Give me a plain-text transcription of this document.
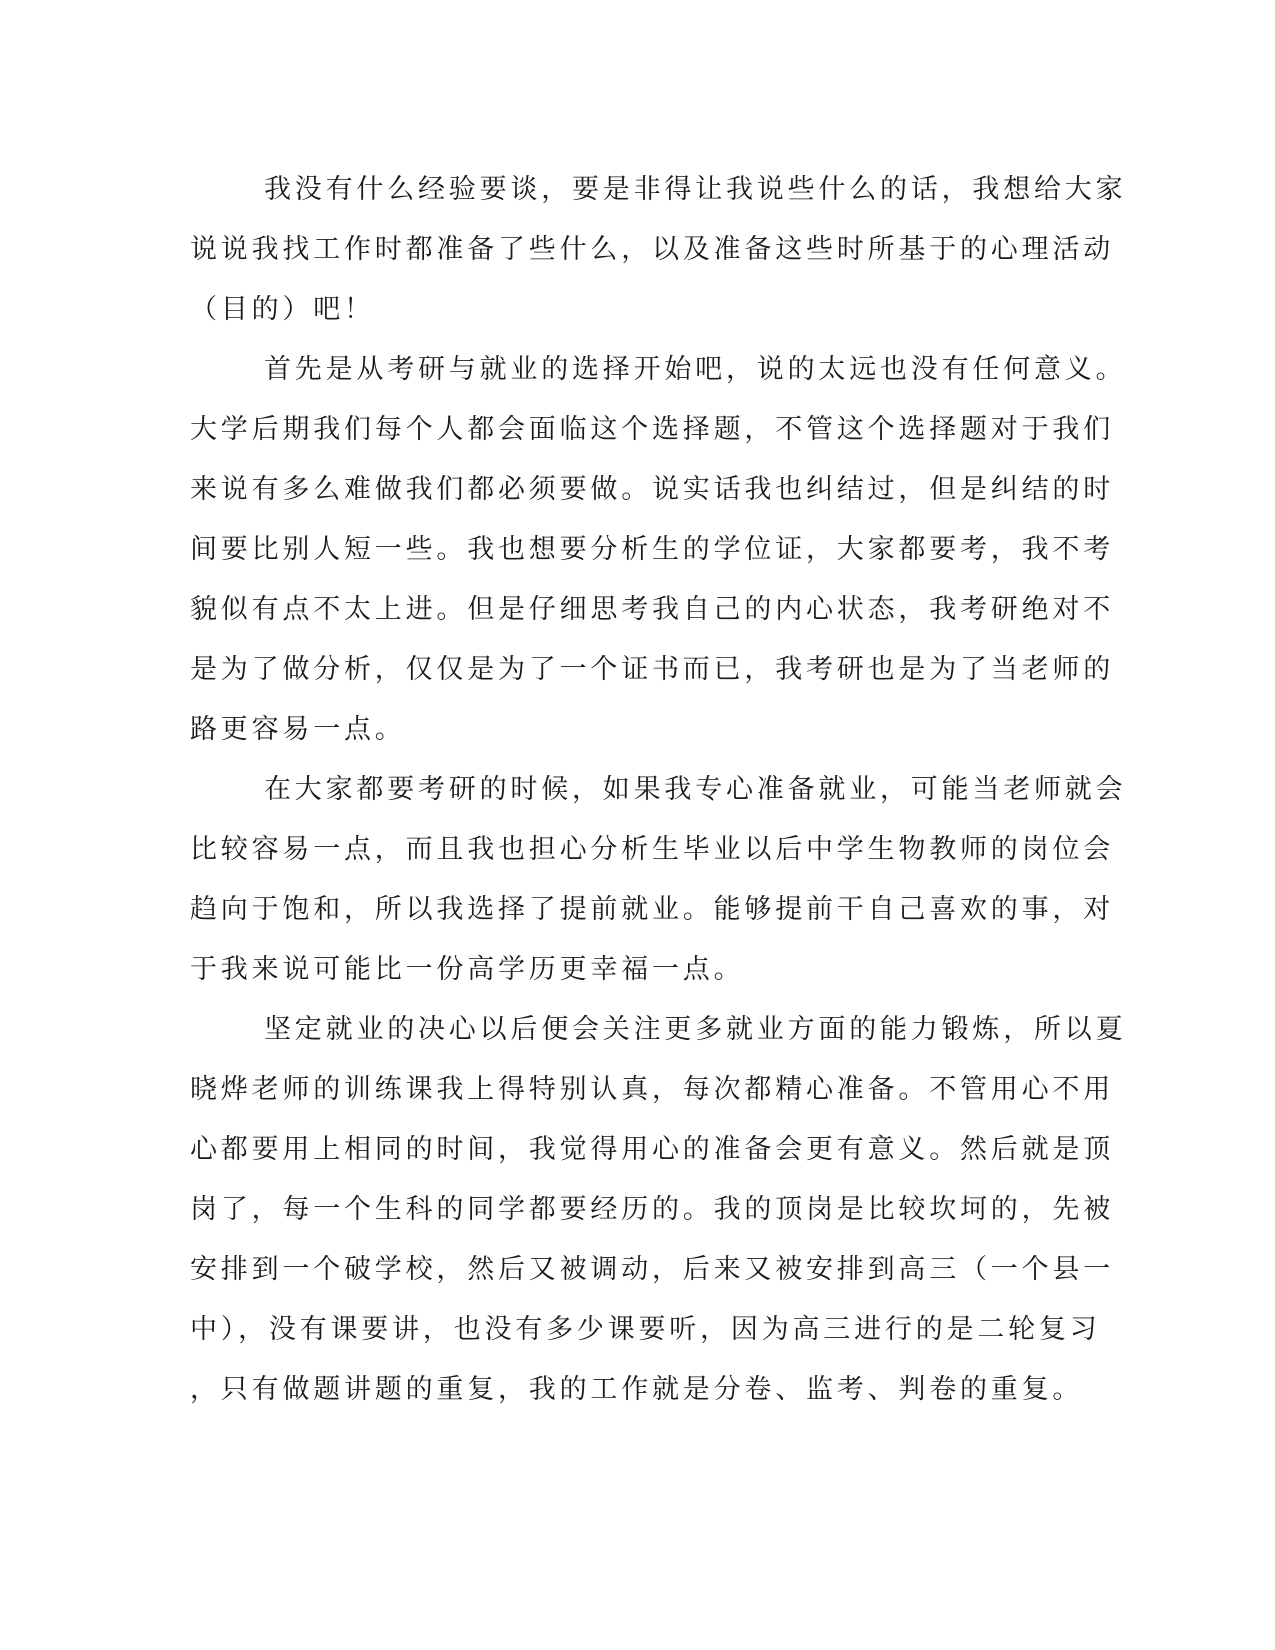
我没有什么经验要谈，要是非得让我说些什么的话，我想给大家
说说我找工作时都准备了些什么，以及准备这些时所基于的心理活动
（目的）吧！
首先是从考研与就业的选择开始吧，说的太远也没有任何意义。
大学后期我们每个人都会面临这个选择题，不管这个选择题对于我们
来说有多么难做我们都必须要做。说实话我也纠结过，但是纠结的时
间要比别人短一些。我也想要分析生的学位证，大家都要考，我不考
貌似有点不太上进。但是仔细思考我自己的内心状态，我考研绝对不
是为了做分析，仅仅是为了一个证书而已，我考研也是为了当老师的
路更容易一点。
在大家都要考研的时候，如果我专心准备就业，可能当老师就会
比较容易一点，而且我也担心分析生毕业以后中学生物教师的岗位会
趋向于饱和，所以我选择了提前就业。能够提前干自己喜欢的事，对
于我来说可能比一份高学历更幸福一点。
坚定就业的决心以后便会关注更多就业方面的能力锻炼，所以夏
晓烨老师的训练课我上得特别认真，每次都精心准备。不管用心不用
心都要用上相同的时间，我觉得用心的准备会更有意义。然后就是顶
岗了，每一个生科的同学都要经历的。我的顶岗是比较坎坷的，先被
安排到一个破学校，然后又被调动，后来又被安排到高三（一个县一
中），没有课要讲，也没有多少课要听，因为高三进行的是二轮复习
，只有做题讲题的重复，我的工作就是分卷、监考、判卷的重复。
